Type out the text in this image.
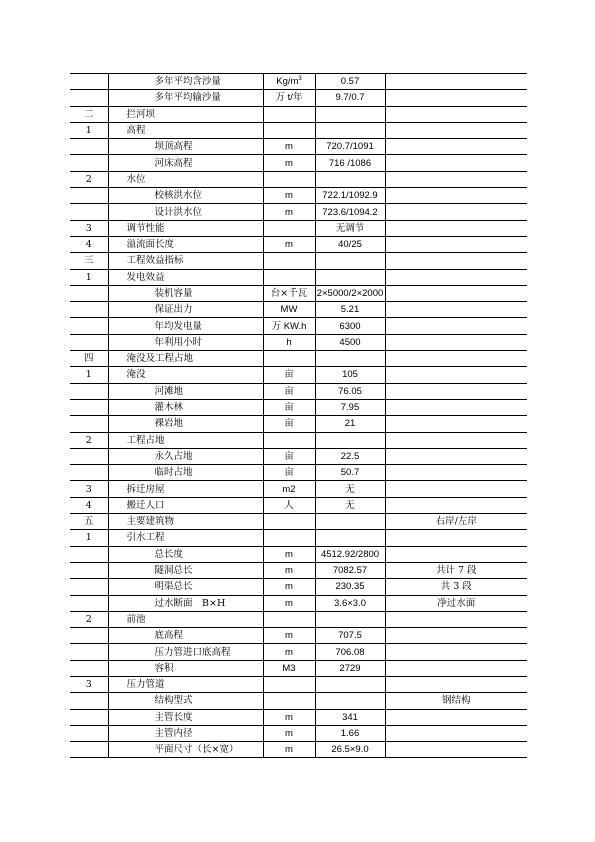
	多年平均含沙量	$Kg/m^3$	0.57	
	多年平均输沙量	万 t/年	9.7/0.7	
二	拦河坝			
1	高程			
	坝顶高程	m	720.7/1091	
	河床高程	m	716 /1086	
2	水位			
	校核洪水位	m	722.1/1092.9	
	设计洪水位	m	723.6/1094.2	
3	调节性能		无调节	
4	溢流面长度	m	40/25	
三	工程效益指标			
1	发电效益			
	装机容量	台×千瓦	2×5000/2×2000	
	保证出力	MW	5.21	
	年均发电量	万 KW.h	6300	
	年利用小时	h	4500	
四	淹没及工程占地			
1	淹没	亩	105	
	河滩地	亩	76.05	
	灌木林	亩	7.95	
	裸岩地	亩	21	
2	工程占地			
	永久占地	亩	22.5	
	临时占地	亩	50.7	
3	拆迁房屋	m2	无	
4	搬迁人口	人	无	
五	主要建筑物			右岸/左岸
1	引水工程			
	总长度	m	4512.92/2800	
	隧洞总长	m	7082.57	共计 7 段
	明渠总长	m	230.35	共 3 段
	过水断面　B×H	m	3.6×3.0	净过水面
2	前池			
	底高程	m	707.5	
	压力管进口底高程	m	706.08	
	容积	M3	2729	
3	压力管道			
	结构型式			钢结构
	主管长度	m	341	
	主管内径	m	1.66	
	平面尺寸（长×宽）	m	26.5×9.0	
